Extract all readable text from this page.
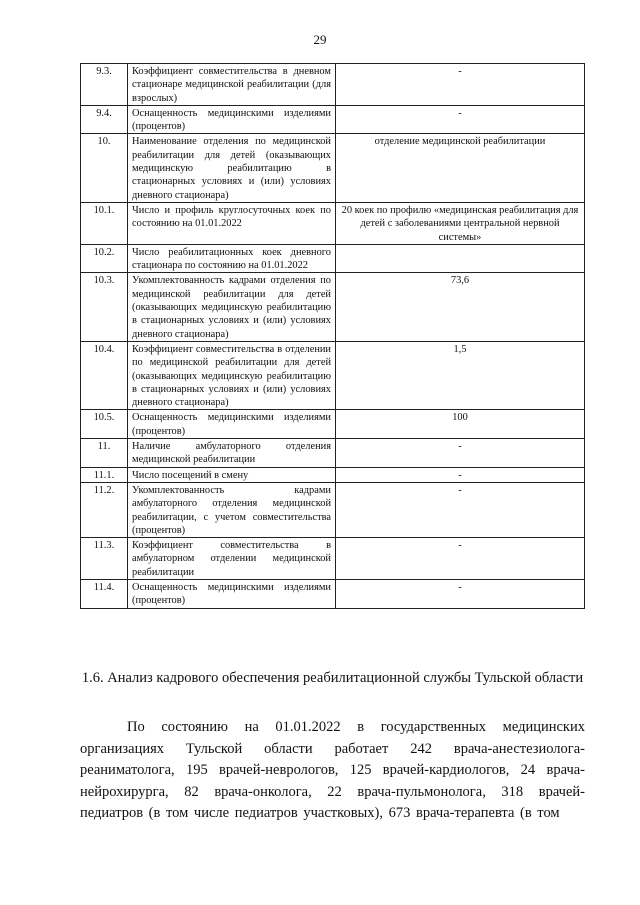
29
9.3.	Коэффициент совместительства в дневном стационаре медицинской реабилитации (для взрослых)	-
9.4.	Оснащенность медицинскими изделиями (процентов)	-
10.	Наименование отделения по медицинской реабилитации для детей (оказывающих медицинскую реабилитацию в стационарных условиях и (или) условиях дневного стационара)	отделение медицинской реабилитации
10.1.	Число и профиль круглосуточных коек по состоянию на 01.01.2022	20 коек по профилю «медицинская реабилитация для детей с заболеваниями центральной нервной системы»
10.2.	Число реабилитационных коек дневного стационара по состоянию на 01.01.2022	
10.3.	Укомплектованность кадрами отделения по медицинской реабилитации для детей (оказывающих медицинскую реабилитацию в стационарных условиях и (или) условиях дневного стационара)	73,6
10.4.	Коэффициент совместительства в отделении по медицинской реабилитации для детей (оказывающих медицинскую реабилитацию в стационарных условиях и (или) условиях дневного стационара)	1,5
10.5.	Оснащенность медицинскими изделиями (процентов)	100
11.	Наличие амбулаторного отделения медицинской реабилитации	-
11.1.	Число посещений в смену	-
11.2.	Укомплектованность кадрами амбулаторного отделения медицинской реабилитации, с учетом совместительства (процентов)	-
11.3.	Коэффициент совместительства в амбулаторном отделении медицинской реабилитации	-
11.4.	Оснащенность медицинскими изделиями (процентов)	-
1.6. Анализ кадрового обеспечения реабилитационной службы Тульской области

По состоянию на 01.01.2022 в государственных медицинских организациях Тульской области работает 242 врача-анестезиолога-реаниматолога, 195 врачей-неврологов, 125 врачей-кардиологов, 24 врача-нейрохирурга, 82 врача-онколога, 22 врача-пульмонолога, 318 врачей-педиатров (в том числе педиатров участковых), 673 врача-терапевта (в том
